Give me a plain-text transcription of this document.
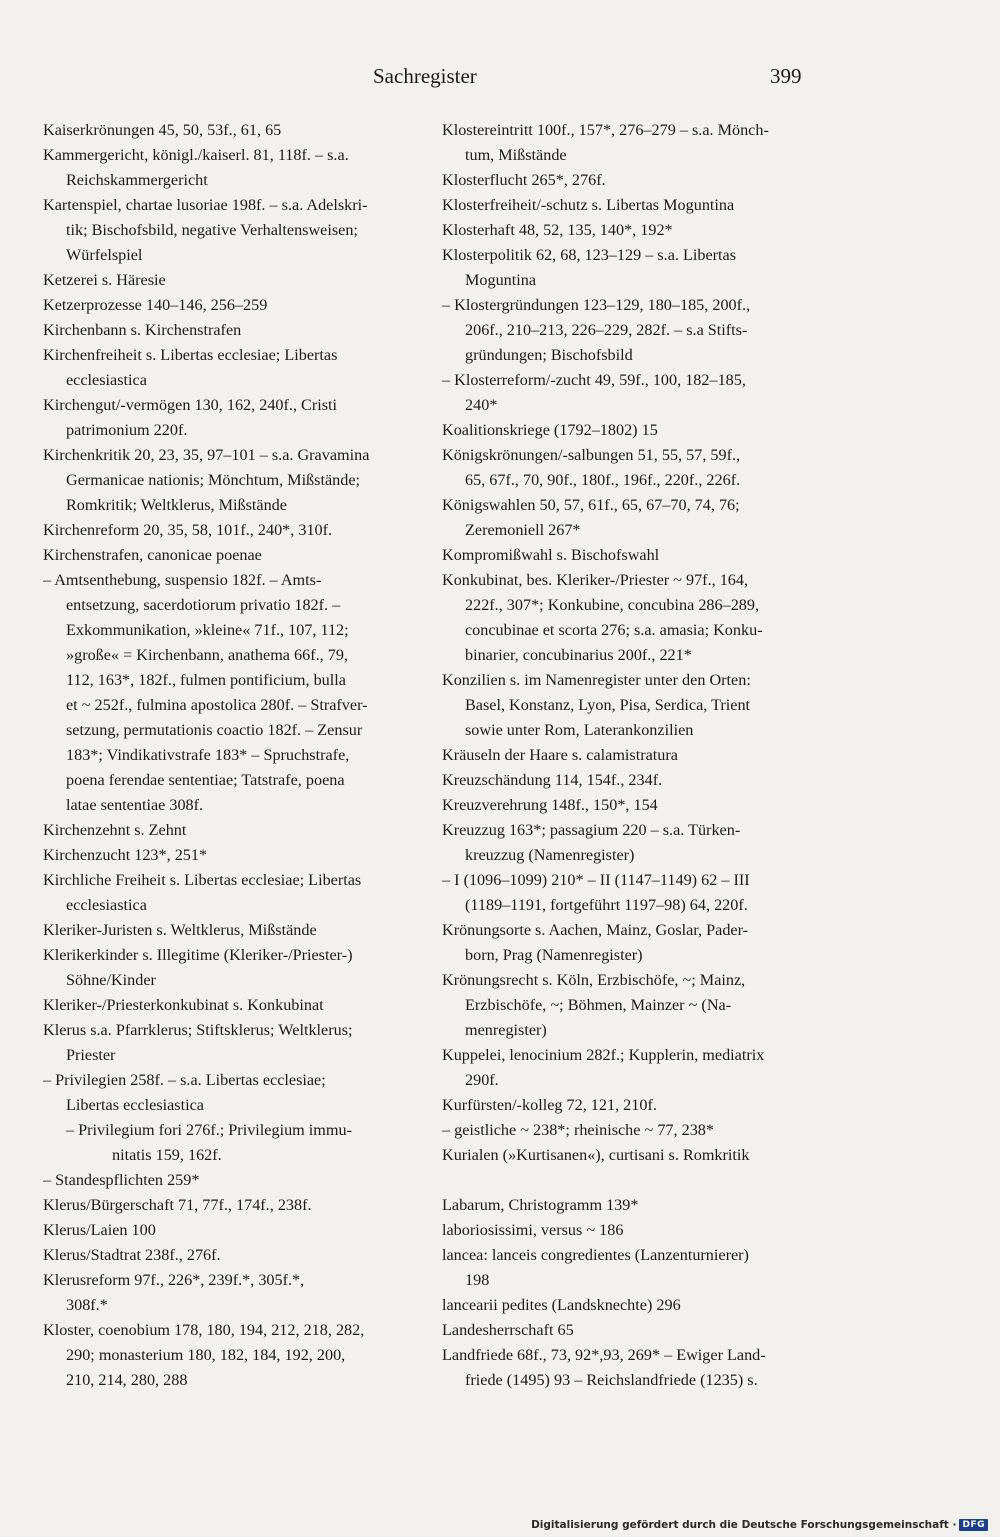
Sachregister	399
Kaiserkrönungen 45, 50, 53f., 61, 65
Kammergericht, königl./kaiserl. 81, 118f. – s.a.
Reichskammergericht
Kartenspiel, chartae lusoriae 198f. – s.a. Adelskri-
tik; Bischofsbild, negative Verhaltensweisen;
Würfelspiel
Ketzerei s. Häresie
Ketzerprozesse 140–146, 256–259
Kirchenbann s. Kirchenstrafen
Kirchenfreiheit s. Libertas ecclesiae; Libertas
ecclesiastica
Kirchengut/-vermögen 130, 162, 240f., Cristi
patrimonium 220f.
Kirchenkritik 20, 23, 35, 97–101 – s.a. Gravamina
Germanicae nationis; Mönchtum, Mißstände;
Romkritik; Weltklerus, Mißstände
Kirchenreform 20, 35, 58, 101f., 240*, 310f.
Kirchenstrafen, canonicae poenae
– Amtsenthebung, suspensio 182f. – Amts-
entsetzung, sacerdotiorum privatio 182f. –
Exkommunikation, »kleine« 71f., 107, 112;
»große« = Kirchenbann, anathema 66f., 79,
112, 163*, 182f., fulmen pontificium, bulla
et ~ 252f., fulmina apostolica 280f. – Strafver-
setzung, permutationis coactio 182f. – Zensur
183*; Vindikativstrafe 183* – Spruchstrafe,
poena ferendae sententiae; Tatstrafe, poena
latae sententiae 308f.
Kirchenzehnt s. Zehnt
Kirchenzucht 123*, 251*
Kirchliche Freiheit s. Libertas ecclesiae; Libertas
ecclesiastica
Kleriker-Juristen s. Weltklerus, Mißstände
Klerikerkinder s. Illegitime (Kleriker-/Priester-)
Söhne/Kinder
Kleriker-/Priesterkonkubinat s. Konkubinat
Klerus s.a. Pfarrklerus; Stiftsklerus; Weltklerus;
Priester
– Privilegien 258f. – s.a. Libertas ecclesiae;
Libertas ecclesiastica
– Privilegium fori 276f.; Privilegium immu-
nitatis 159, 162f.
– Standespflichten 259*
Klerus/Bürgerschaft 71, 77f., 174f., 238f.
Klerus/Laien 100
Klerus/Stadtrat 238f., 276f.
Klerusreform 97f., 226*, 239f.*, 305f.*,
308f.*
Kloster, coenobium 178, 180, 194, 212, 218, 282,
290; monasterium 180, 182, 184, 192, 200,
210, 214, 280, 288
Klostereintritt 100f., 157*, 276–279 – s.a. Mönch-
tum, Mißstände
Klosterflucht 265*, 276f.
Klosterfreiheit/-schutz s. Libertas Moguntina
Klosterhaft 48, 52, 135, 140*, 192*
Klosterpolitik 62, 68, 123–129 – s.a. Libertas
Moguntina
– Klostergründungen 123–129, 180–185, 200f.,
206f., 210–213, 226–229, 282f. – s.a Stifts-
gründungen; Bischofsbild
– Klosterreform/-zucht 49, 59f., 100, 182–185,
240*
Koalitionskriege (1792–1802) 15
Königskrönungen/-salbungen 51, 55, 57, 59f.,
65, 67f., 70, 90f., 180f., 196f., 220f., 226f.
Königswahlen 50, 57, 61f., 65, 67–70, 74, 76;
Zeremoniell 267*
Kompromißwahl s. Bischofswahl
Konkubinat, bes. Kleriker-/Priester ~ 97f., 164,
222f., 307*; Konkubine, concubina 286–289,
concubinae et scorta 276; s.a. amasia; Konku-
binarier, concubinarius 200f., 221*
Konzilien s. im Namenregister unter den Orten:
Basel, Konstanz, Lyon, Pisa, Serdica, Trient
sowie unter Rom, Laterankonzilien
Kräuseln der Haare s. calamistratura
Kreuzschändung 114, 154f., 234f.
Kreuzverehrung 148f., 150*, 154
Kreuzzug 163*; passagium 220 – s.a. Türken-
kreuzzug (Namenregister)
– I (1096–1099) 210* – II (1147–1149) 62 – III
(1189–1191, fortgeführt 1197–98) 64, 220f.
Krönungsorte s. Aachen, Mainz, Goslar, Pader-
born, Prag (Namenregister)
Krönungsrecht s. Köln, Erzbischöfe, ~; Mainz,
Erzbischöfe, ~; Böhmen, Mainzer ~ (Na-
menregister)
Kuppelei, lenocinium 282f.; Kupplerin, mediatrix
290f.
Kurfürsten/-kolleg 72, 121, 210f.
– geistliche ~ 238*; rheinische ~ 77, 238*
Kurialen (»Kurtisanen«), curtisani s. Romkritik
Labarum, Christogramm 139*
laboriosissimi, versus ~ 186
lancea: lanceis congredientes (Lanzenturnierer)
198
lancearii pedites (Landsknechte) 296
Landesherrschaft 65
Landfriede 68f., 73, 92*,93, 269* – Ewiger Land-
friede (1495) 93 – Reichslandfriede (1235) s.
Digitalisierung gefördert durch die Deutsche Forschungsgemeinschaft · DFG
